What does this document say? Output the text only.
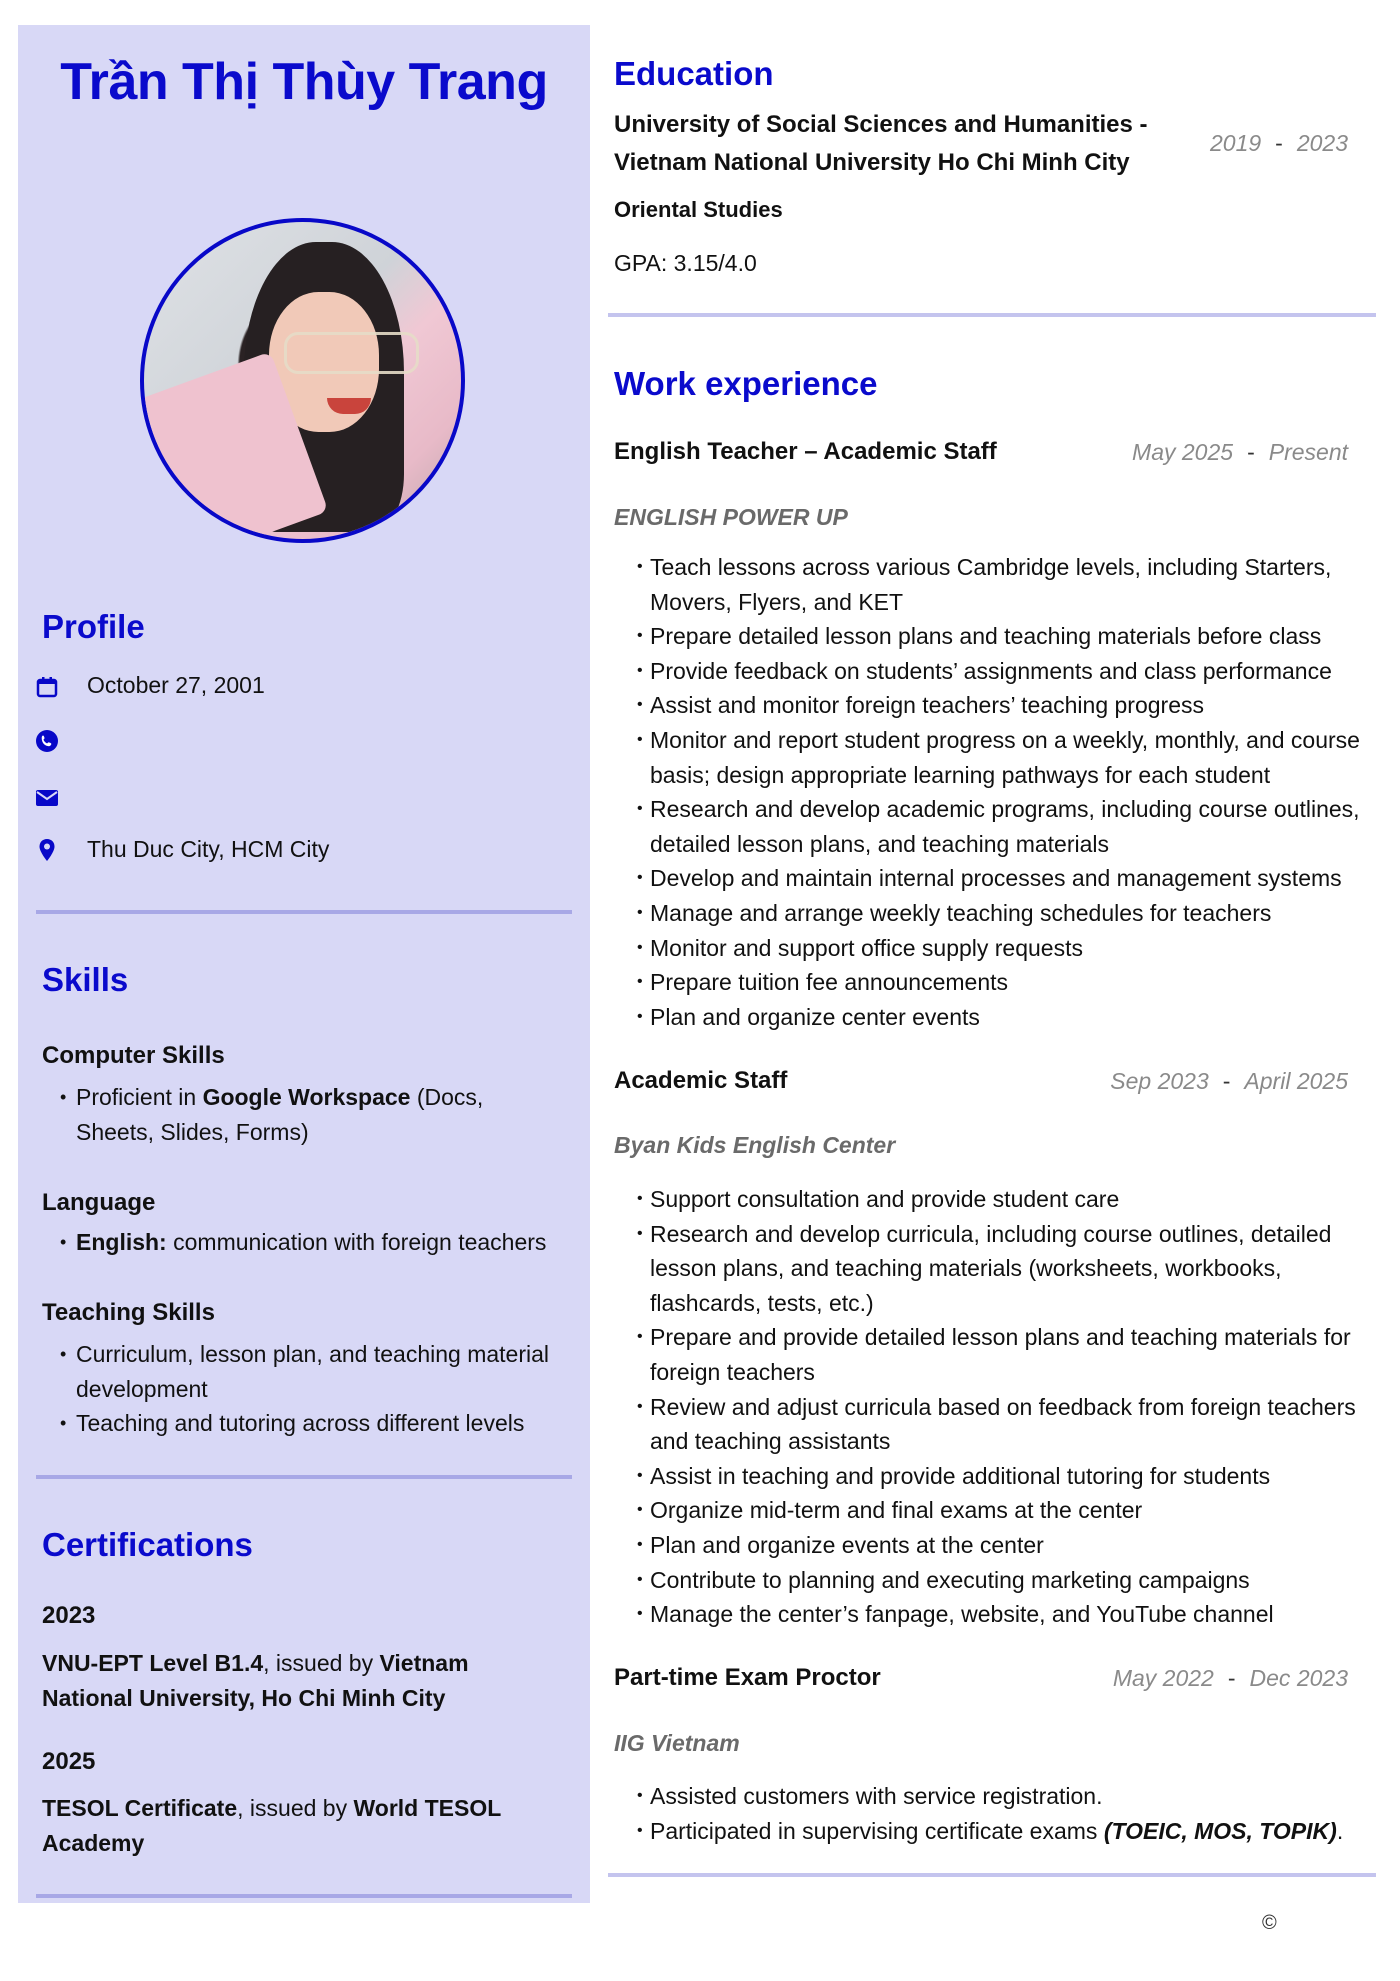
Trần Thị Thùy Trang
Profile
October 27, 2001
Thu Duc City, HCM City
Skills
Computer Skills
• Proficient in Google Workspace (Docs, Sheets, Slides, Forms)
Language
• English: communication with foreign teachers
Teaching Skills
• Curriculum, lesson plan, and teaching material development
• Teaching and tutoring across different levels
Certifications
2023
VNU-EPT Level B1.4, issued by Vietnam National University, Ho Chi Minh City
2025
TESOL Certificate, issued by World TESOL Academy
Education
University of Social Sciences and Humanities -
Vietnam National University Ho Chi Minh City
2019 - 2023
Oriental Studies
GPA: 3.15/4.0
Work experience
English Teacher – Academic Staff	May 2025 - Present
ENGLISH POWER UP
• Teach lessons across various Cambridge levels, including Starters, Movers, Flyers, and KET
• Prepare detailed lesson plans and teaching materials before class
• Provide feedback on students’ assignments and class performance
• Assist and monitor foreign teachers’ teaching progress
• Monitor and report student progress on a weekly, monthly, and course basis; design appropriate learning pathways for each student
• Research and develop academic programs, including course outlines, detailed lesson plans, and teaching materials
• Develop and maintain internal processes and management systems
• Manage and arrange weekly teaching schedules for teachers
• Monitor and support office supply requests
• Prepare tuition fee announcements
• Plan and organize center events
Academic Staff	Sep 2023 - April 2025
Byan Kids English Center
• Support consultation and provide student care
• Research and develop curricula, including course outlines, detailed lesson plans, and teaching materials (worksheets, workbooks, flashcards, tests, etc.)
• Prepare and provide detailed lesson plans and teaching materials for foreign teachers
• Review and adjust curricula based on feedback from foreign teachers and teaching assistants
• Assist in teaching and provide additional tutoring for students
• Organize mid-term and final exams at the center
• Plan and organize events at the center
• Contribute to planning and executing marketing campaigns
• Manage the center’s fanpage, website, and YouTube channel
Part-time Exam Proctor	May 2022 - Dec 2023
IIG Vietnam
• Assisted customers with service registration.
• Participated in supervising certificate exams (TOEIC, MOS, TOPIK).
©
